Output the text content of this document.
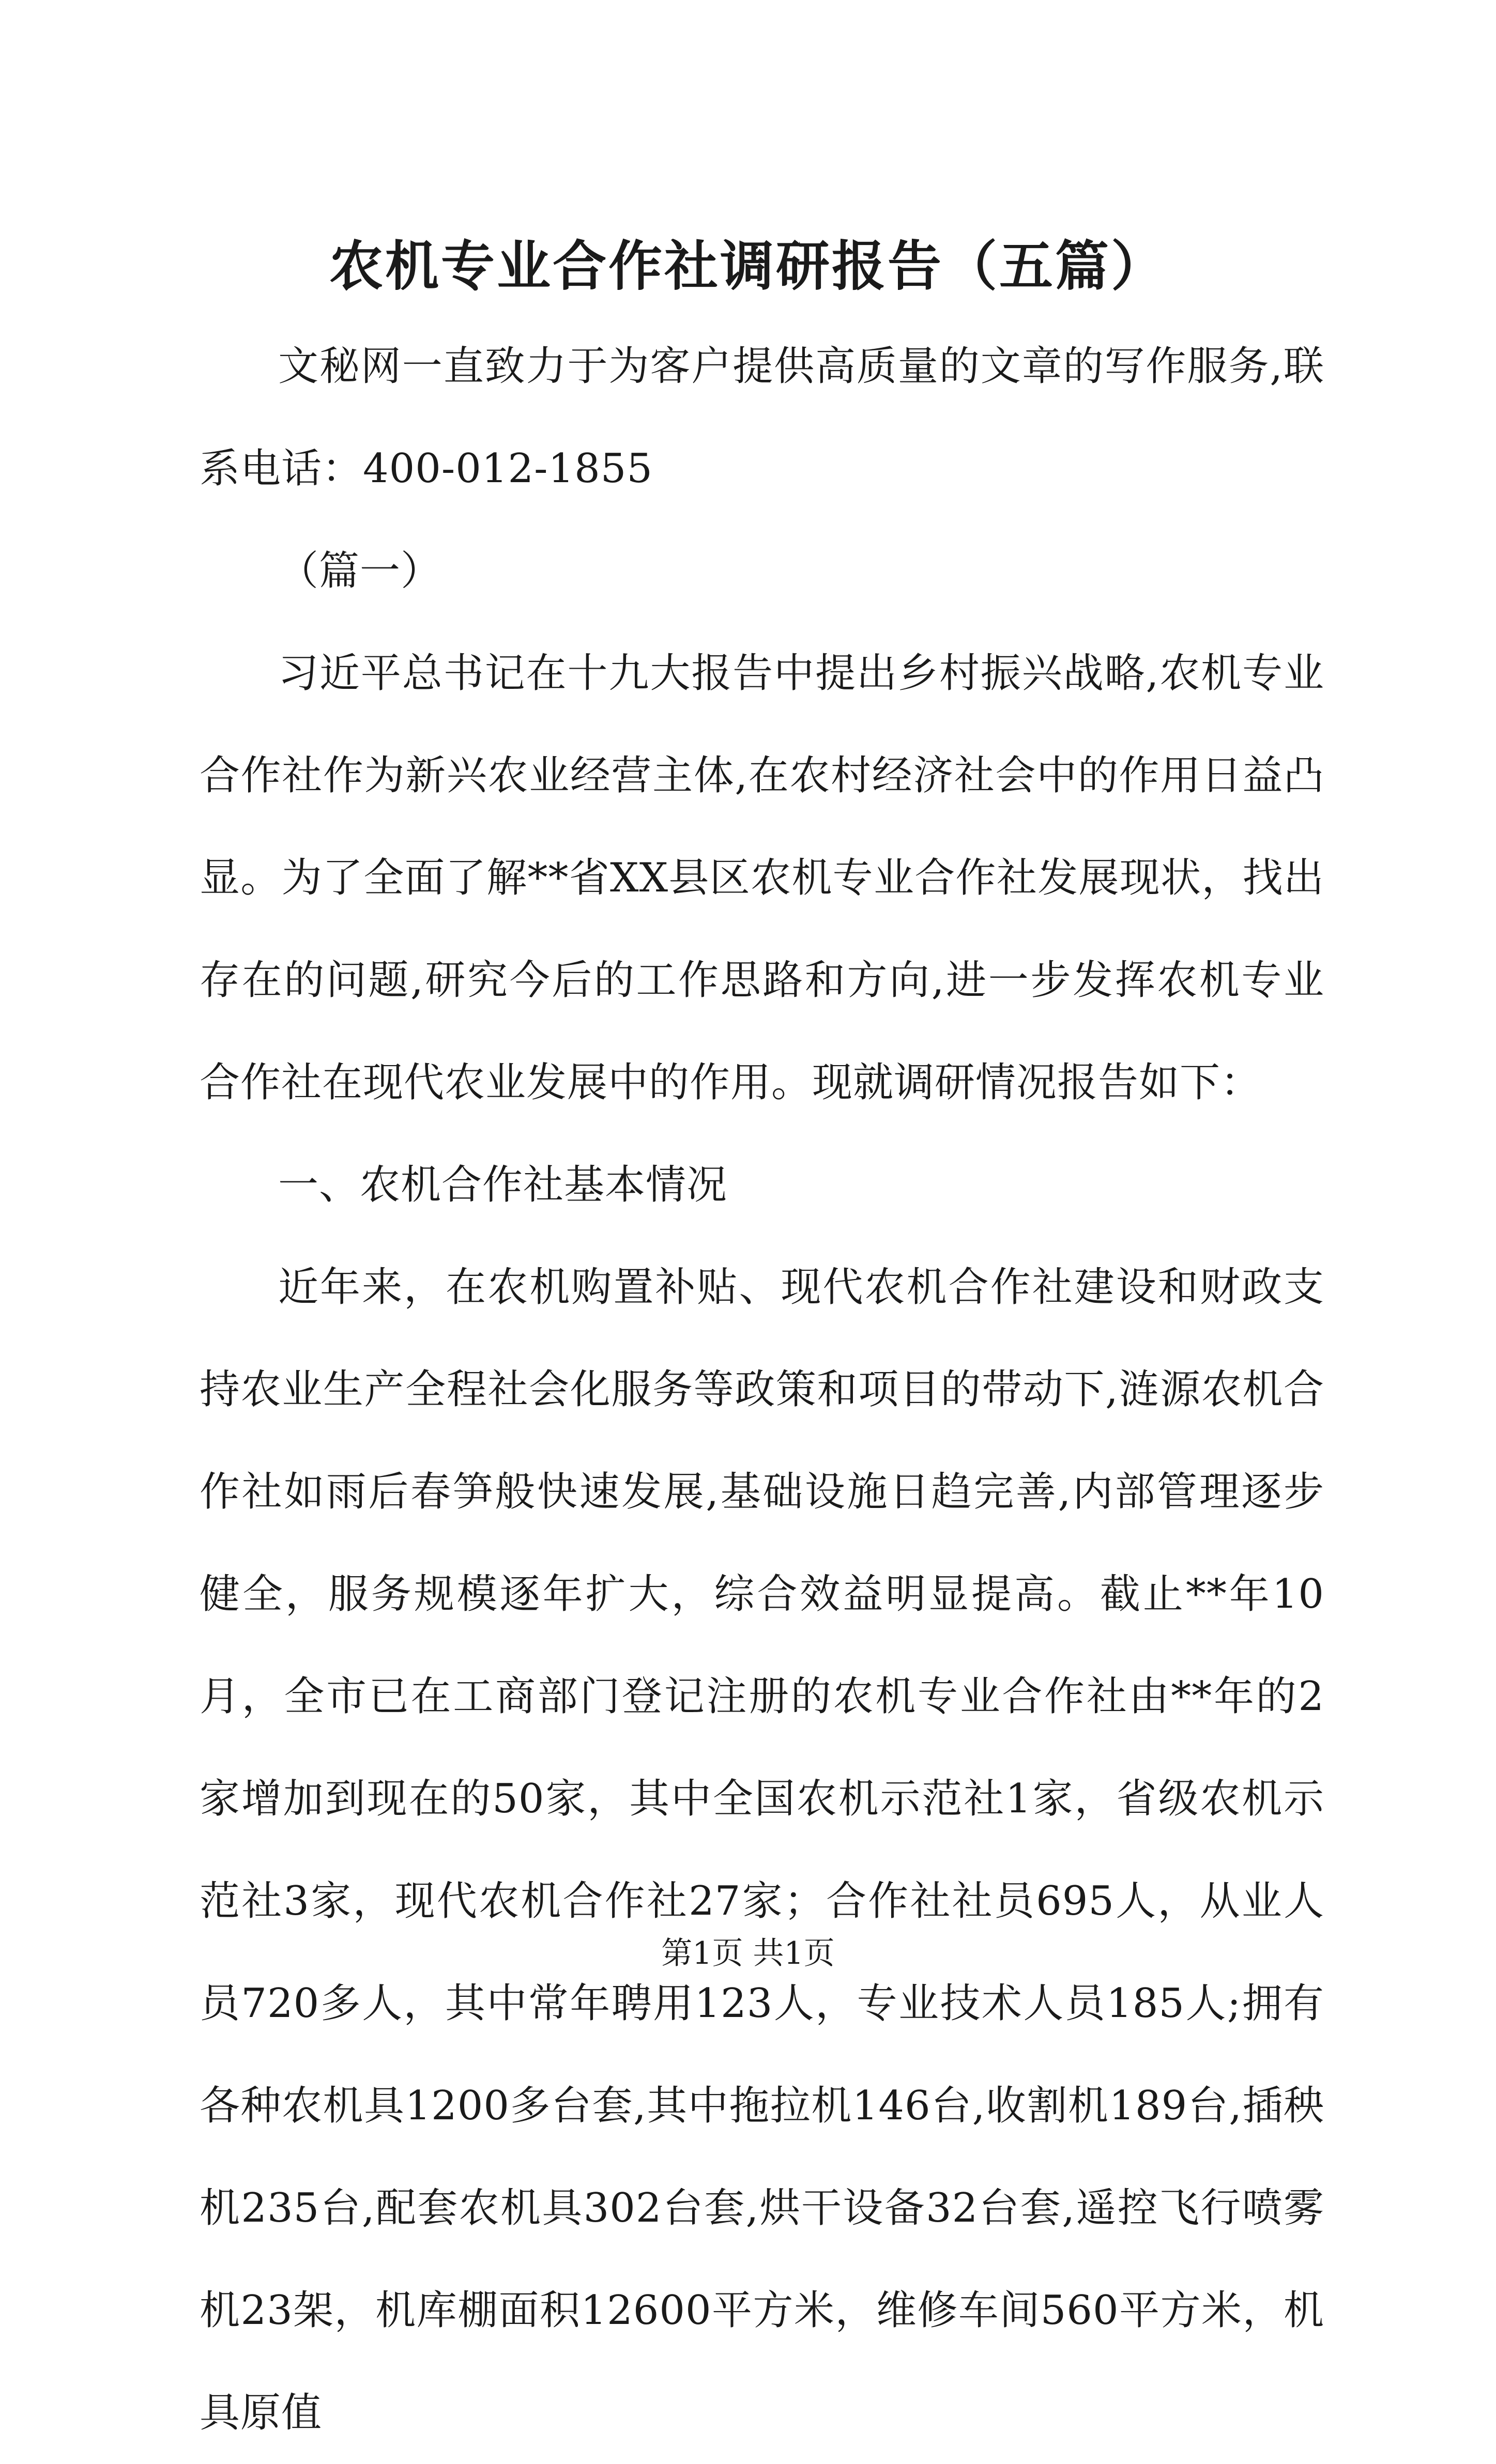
农机专业合作社调研报告（五篇）

文秘网一直致力于为客户提供高质量的文章的写作服务,联系电话：400-012-1855

（篇一）

习近平总书记在十九大报告中提出乡村振兴战略,农机专业合作社作为新兴农业经营主体,在农村经济社会中的作用日益凸显。为了全面了解**省XX县区农机专业合作社发展现状，找出存在的问题,研究今后的工作思路和方向,进一步发挥农机专业合作社在现代农业发展中的作用。现就调研情况报告如下：

一、农机合作社基本情况

近年来，在农机购置补贴、现代农机合作社建设和财政支持农业生产全程社会化服务等政策和项目的带动下,涟源农机合作社如雨后春笋般快速发展,基础设施日趋完善,内部管理逐步健全，服务规模逐年扩大，综合效益明显提高。截止**年10月，全市已在工商部门登记注册的农机专业合作社由**年的2家增加到现在的50家，其中全国农机示范社1家，省级农机示范社3家，现代农机合作社27家；合作社社员695人，从业人员720多人，其中常年聘用123人，专业技术人员185人;拥有各种农机具1200多台套,其中拖拉机146台,收割机189台,插秧机235台,配套农机具302台套,烘干设备32台套,遥控飞行喷雾机23架，机库棚面积12600平方米，维修车间560平方米，机具原值

第1页 共1页
